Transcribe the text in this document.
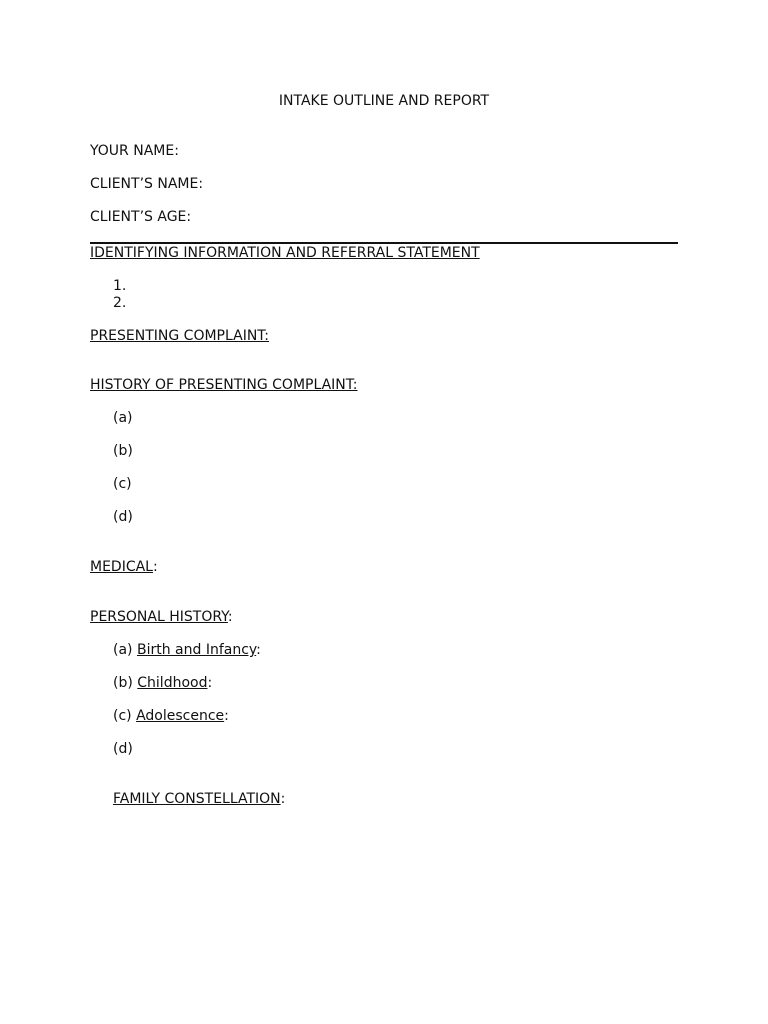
INTAKE OUTLINE AND REPORT
YOUR NAME:
CLIENT’S NAME:
CLIENT’S AGE:
IDENTIFYING INFORMATION AND REFERRAL STATEMENT
1.
2.
PRESENTING COMPLAINT:
HISTORY OF PRESENTING COMPLAINT:
(a)
(b)
(c)
(d)
MEDICAL:
PERSONAL HISTORY:
(a) Birth and Infancy:
(b) Childhood:
(c) Adolescence:
(d)
FAMILY CONSTELLATION:
